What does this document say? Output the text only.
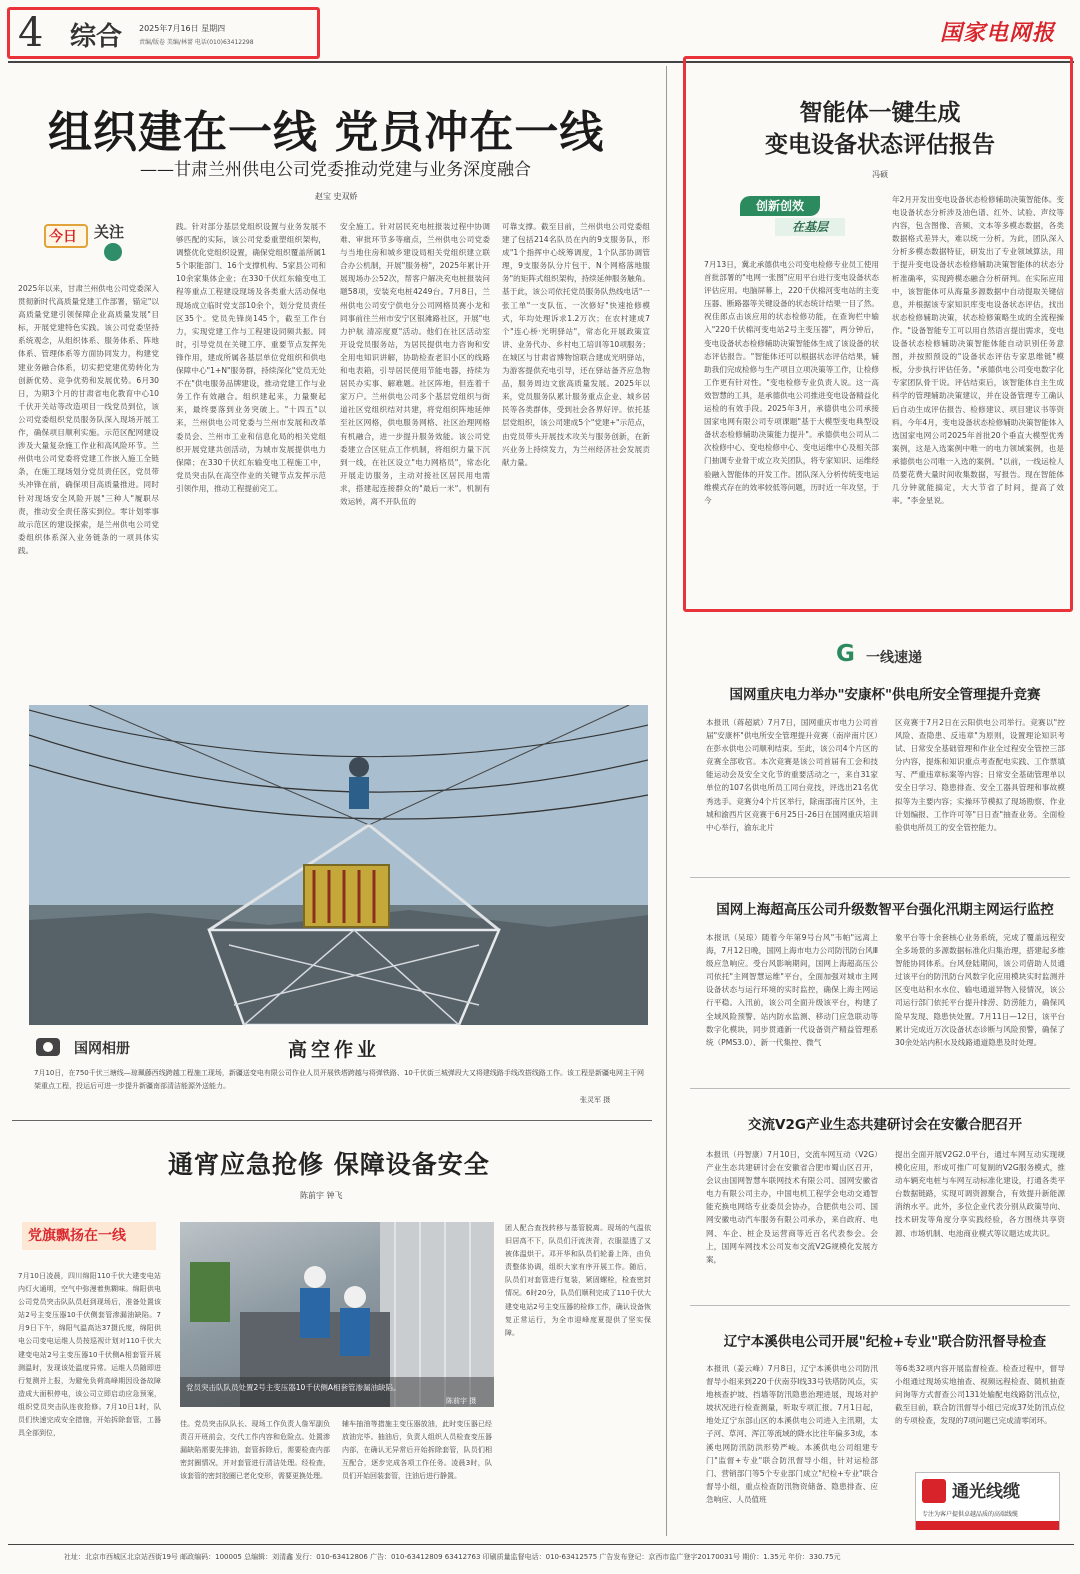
4 综合 2025年7月16日 星期四
责编/版卷 美编/林蔷 电话(010)63412298	国家电网报
组织建在一线 党员冲在一线
——甘肃兰州供电公司党委推动党建与业务深度融合
赵宝 史双娇
今日 关注
2025年以来，甘肃兰州供电公司党委深入贯彻新时代高质量党建工作部署，锚定"以高质量党建引领保障企业高质量发展"目标，开展党建特色实践。该公司党委坚持系统观念，从组织体系、服务体系、阵地体系、管理体系等方面协同发力，构建党建业务融合体系，切实把党建优势转化为创新优势、竞争优势和发展优势。6月30日，为期3个月的甘肃省电化教育中心10千伏开关站等改造项目一线党员到位，该公司党委组织党员服务队深入现场开展工作，确保项目顺利实施。示范区配网建设涉及大量复杂施工作业和高风险环节。兰州供电公司党委将党建工作嵌入施工全链条，在施工现场划分党员责任区，党员带头冲锋在前，确保项目高质量推进。同时针对现场安全风险开展"三种人"履职尽责，推动安全责任落实到位。零计划零事故示范区的建设探索，是兰州供电公司党委组织体系深入业务链条的一项具体实践。
践。针对部分基层党组织设置与业务发展不够匹配的实际，该公司党委重塑组织架构，调整优化党组织设置，确保党组织覆盖所属15个职能部门、16个支撑机构、5家县公司和10余家集体企业；在330千伏红东输变电工程等重点工程建设现场及各类重大活动保电现场成立临时党支部10余个，划分党员责任区35个。党员先锋岗145个，截至工作台力，实现党建工作与工程建设同频共振。同时，引导党员在关键工序、重要节点发挥先锋作用，建成所属各基层单位党组织和供电保障中心"1+N"服务群，持续深化"党员无处不在"供电服务品牌建设，推动党建工作与业务工作有效融合。组织建起来，力量聚起来，最终要落到业务突破上。"十四五"以来，兰州供电公司党委与兰州市发展和改革委员会、兰州市工业和信息化局的相关党组织开展党建共创活动，为城市发展提供电力保障；在330千伏红东输变电工程施工中，党员突击队在高空作业的关键节点发挥示范引领作用，推动工程提前完工。
安全施工。针对居民充电桩报装过程中协调难、审批环节多等痛点，兰州供电公司党委与当地住房和城乡建设局相关党组织建立联合办公机制，开展"服务榜"，2025年累计开展现场办公52次，帮客户解决充电桩报装问题58项，安装充电桩4249台。7月8日，兰州供电公司安宁供电分公司网格员赛小龙和同事前往兰州市安宁区银滩路社区，开展"电力护航 清凉度夏"活动。他们在社区活动室开设党员服务站，为居民提供电力咨询和安全用电知识讲解，协助检查老旧小区的线路和电表箱，引导居民使用节能电器，持续为居民办实事、解难题。社区阵地，但连着千家万户。兰州供电公司多个基层党组织与街道社区党组织结对共建，将党组织阵地延伸至社区网格，供电服务网格、社区治理网格有机融合，进一步提升服务效能。该公司党委建立合区驻点工作机制，将组织力量下沉到一线，在社区设立"电力网格员"，常态化开展走访服务，主动对接社区居民用电需求，搭建起连接群众的"最后一米"。机制有效运转，离不开队伍的
可靠支撑。截至目前，兰州供电公司党委组建了包括214名队员在内的9支服务队，形成"1个指挥中心统筹调度，1个队部协调管理，9支服务队分片包干、N个网格落地服务"的矩阵式组织架构，持续延伸服务触角。基于此，该公司依托党员服务队热线电话"一张工单"一支队伍、一次修好"快速抢修模式，年均处理诉求1.2万次；在农村建成7个"连心桥·光明驿站"，常态化开展政策宣讲、业务代办、乡村电工培训等10项服务；在城区与甘肃省博物馆联合建成光明驿站，为游客提供充电引导，还在驿站备齐应急物品，服务周边文旅高质量发展。2025年以来，党员服务队累计服务重点企业、城乡居民等各类群体，受到社会各界好评。依托基层党组织，该公司建成5个"党建+"示范点，由党员带头开展技术攻关与服务创新，在新兴业务上持续发力，为兰州经济社会发展贡献力量。
国网相册	高空作业
7月10日，在750千伏三塘线—琼珮藤西线跨越工程施工现场，新疆送变电有限公司作业人员开展铁塔跨越与将弹铁路、10千伏街三城弹段大又将建线路手线改搭线路工作。该工程是新疆电网主干网架重点工程，投运后可进一步提升新疆南部清洁能源外送能力。
张灵军 摄
通宵应急抢修 保障设备安全
陈前宇 钟飞
党旗飘扬在一线
7月10日凌晨，四川绵阳110千伏大建变电站内灯火通明，空气中弥漫着焦糊味。绵阳供电公司党员突击队队员赶到现场后，准备处置该站2号主变压器10千伏侧套管渗漏油缺陷。7月9日下午，绵阳气温高达37摄氏度，绵阳供电公司变电运维人员按巡视计划对110千伏大建变电站2号主变压器10千伏侧A相套管开展测温时，发现该处温度异常。运维人员随即进行复测并上报，为避免负荷高峰期因设备故障造成大面积停电，该公司立即启动应急预案，组织党员突击队连夜抢修。7月10日1时，队员们快速完成安全措施，开始拆除套管，工器具全部到位，
党员突击队队员处置2号主变压器10千伏侧A相套管渗漏油缺陷。
陈前宇 摄
佳。党员突击队队长、现场工作负责人詹军副负责召开班前会，交代工作内容和危险点。处置渗漏缺陷需要先排油，套管拆除后，需要检查内部密封圈情况，并对套管进行清洁处理。经检查，该套管的密封胶圈已老化变形，需要更换处理。
辅车抽油等措施主变压器放油，此时变压器已经放油完毕。抽油后，负责人组织人员检查变压器内部，在确认无异常后开始拆除套管，队员们相互配合，逐步完成各项工作任务。凌晨3时，队员们开始回装套管，注油后进行静置。
团人配合查找转移与基管脱离。现场的气温依旧居高不下，队员们汗流浃背，衣服湿透了又被体温烘干。邓开华和队员们轮番上阵，由负责整体协调，组织大家有序开展工作。随后，队员们对套管进行复装，紧固螺栓，检查密封情况。6时20分，队员们顺利完成了110千伏大建变电站2号主变压器的检修工作，确认设备恢复正常运行，为全市迎峰度夏提供了坚实保障。
智能体一键生成
变电设备状态评估报告
冯硕
创新创效
在基层
7月13日，冀北承德供电公司变电检修专业员工使用首批部署的"电网一张图"应用平台进行变电设备状态评估应用。电脑屏幕上，220千伏棉河变电站的主变压器、断路器等关键设备的状态统计结果一目了然。祝佳郎点击该应用的状态检修功能，在查询栏中输入"220千伏棉河变电站2号主变压器"，两分钟后，变电设备状态检修辅助决策智能体生成了该设备的状态评估报告。"智能体还可以根据状态评估结果，辅助我们完成检修与生产项目立项决策等工作，让检修工作更有针对性。"变电检修专业负责人说。这一高效智慧的工具，是承德供电公司推进变电设备精益化运检的有效手段。2025年3月，承德供电公司承接国家电网有限公司专项课题"基于大模型变电典型设备状态检修辅助决策能力提升"。承德供电公司从二次检修中心、变电检修中心、变电运维中心及相关部门抽调专业骨干成立攻关团队，将专家知识、运维经验融入智能体的开发工作。团队深入分析传统变电运维模式存在的效率较低等问题，历时近一年攻坚，于今
年2月开发出变电设备状态检修辅助决策智能体。变电设备状态分析涉及油色谱、红外、试验、声纹等内容，包含图像、音频、文本等多模态数据，各类数据格式差异大，难以统一分析。为此，团队深入分析多模态数据特征，研发出了专业领域算法，用于提升变电设备状态检修辅助决策智能体的状态分析准确率，实现跨模态融合分析研判。在实际应用中，该智能体可从海量多源数据中自动提取关键信息，并根据该专家知识库变电设备状态评估，找出状态检修辅助决策，状态检修策略生成的全流程操作。"设备智能专工可以用自然语言提出需求，变电设备状态检修辅助决策智能体能自动识别任务意图，并按照预设的"设备状态评估专家思维链"模板，分步执行评估任务。"承德供电公司变电数字化专家团队骨干说。评估结束后，该智能体自主生成科学的管理辅助决策建议，并在设备管理专工确认后自动生成评估报告、检修建议、项目建议书等资料。今年4月，变电设备状态检修辅助决策智能体入选国家电网公司2025年首批20个垂直大模型优秀案例，这是入选案例中唯一的电力领域案例，也是承德供电公司唯一入选的案例。"以前，一线运检人员要花费大量时间收集数据，写报告。现在智能体几分钟就能搞定，大大节省了时间，提高了效率。"李金星说。
G 一线速递
国网重庆电力举办"安康杯"供电所安全管理提升竞赛
本报讯（蒋超斌）7月7日，国网重庆市电力公司首届"安康杯"供电所安全管理提升竞赛（南岸南片区）在彭水供电公司顺利结束。至此，该公司4个片区的竞赛全部收官。本次竞赛是该公司首届有工会和技能运动会及安全文化节的重要活动之一，来自31家单位的107名供电所员工同台竞技，评选出21名优秀选手。竞赛分4个片区举行，除南部南片区外，主城和渝西片区竞赛于6月25日-26日在国网重庆培训中心举行，渝东北片
区竞赛于7月2日在云阳供电公司举行。竞赛以"控风险、查隐患、反违章"为原则，设置理论知识考试、日常安全基础管理和作业全过程安全管控三部分内容，提炼和知识重点考查配电实践、工作票填写、严重违章标案等内容；日常安全基础管理单以安全日学习、隐患排查、安全工器具管理和事故模拟等为主要内容；实操环节模拟了现场勘察、作业计划编报、工作许可等"日日查"抽查业务。全面检验供电所员工的安全管控能力。
国网上海超高压公司升级数智平台强化汛期主网运行监控
本报讯（吴琼）随着今年第9号台风"韦帕"远离上海，7月12日晚，国网上海市电力公司防汛防台风Ⅲ级应急响应。受台风影响期间，国网上海超高压公司依托"主网智慧运维"平台，全面加强对城市主网设备状态与运行环境的实时监控，确保上海主网运行平稳。入汛前，该公司全面升级该平台，构建了全域风险预警、站内防水监测、移动门应急联动等数字化模块，同步贯通新一代设备资产精益管理系统（PMS3.0）、新一代集控、微气
象平台等十余套核心业务系统，完成了覆盖远程安全多场景的多源数据标准化归集治理，搭建起多维智能协同体系。台风登陆期间，该公司借助人员通过该平台的防汛防台风数字化应用模块实时监测并区变电站积水水位、输电通道异物入侵情况，该公司运行部门依托平台提升排涝、防涝能力，确保风险早发现、隐患快处置。7月11日—12日，该平台累计完成近万次设备状态诊断与风险预警，确保了30余处站内积水及线路通道隐患及时处理。
交流V2G产业生态共建研讨会在安徽合肥召开
本报讯（丹智康）7月10日，交流车网互动（V2G）产业生态共建研讨会在安徽省合肥市蜀山区召开，会议由国网智慧车联网技术有限公司、国网安徽省电力有限公司主办，中国电机工程学会电动交通智能充换电网络专业委员会协办，合肥供电公司、国网安徽电动汽车服务有限公司承办，来自政府、电网、车企、桩企及运营商等近百名代表参会。会上，国网车网技术公司发布交流V2G规模化发展方案，
提出全面开展V2G2.0平台，通过车网互动实现规模化应用，形成可推广可复制的V2G服务模式，推动车辆充电桩与车网互动标准化建设，打通各类平台数据链路，实现可调资源聚合，有效提升新能源消纳水平。此外，多位企业代表分别从政策导向、技术研发等角度分享实践经验，各方围绕共享资源、市场机制、电池商业模式等议题达成共识。
辽宁本溪供电公司开展"纪检+专业"联合防汛督导检查
本报讯（姜云峰）7月8日，辽宁本溪供电公司防汛督导小组来到220千伏南芬I线33号铁塔防风点，实地核查护坡、挡墙等防汛隐患治理进展，现场对护坡状况进行检查测量，听取专项汇报。7月1日起，地处辽宁东部山区的本溪供电公司进入主汛期，太子河、草河、浑江等流域的降水比往年偏多3成，本溪电网防汛防洪形势严峻。本溪供电公司组建专门"监督+专业"联合防汛督导小组，针对运检部门、营销部门等5个专业部门成立"纪检+专业"联合督导小组，重点检查防汛物资储备、隐患排查、应急响应、人员值班
等6类32项内容开展监督检查。检查过程中，督导小组通过现场实地抽查、视频远程检查、随机抽查问询等方式督查公司131处输配电线路防汛点位，截至目前，联合防汛督导小组已完成37处防汛点位的专项检查，发现的7项问题已完成清零闭环。
通光线缆
专注为客户提供卓越品质的高端线缆
社址：北京市西城区北京站西街19号 邮政编码：100005 总编辑：刘清鑫 发行：010-63412806 广告：010-63412809 63412763 印刷质量监督电话：010-63412575 广告发布登记：京西市监广登字20170031号 期价：1.35元 年价：330.75元
